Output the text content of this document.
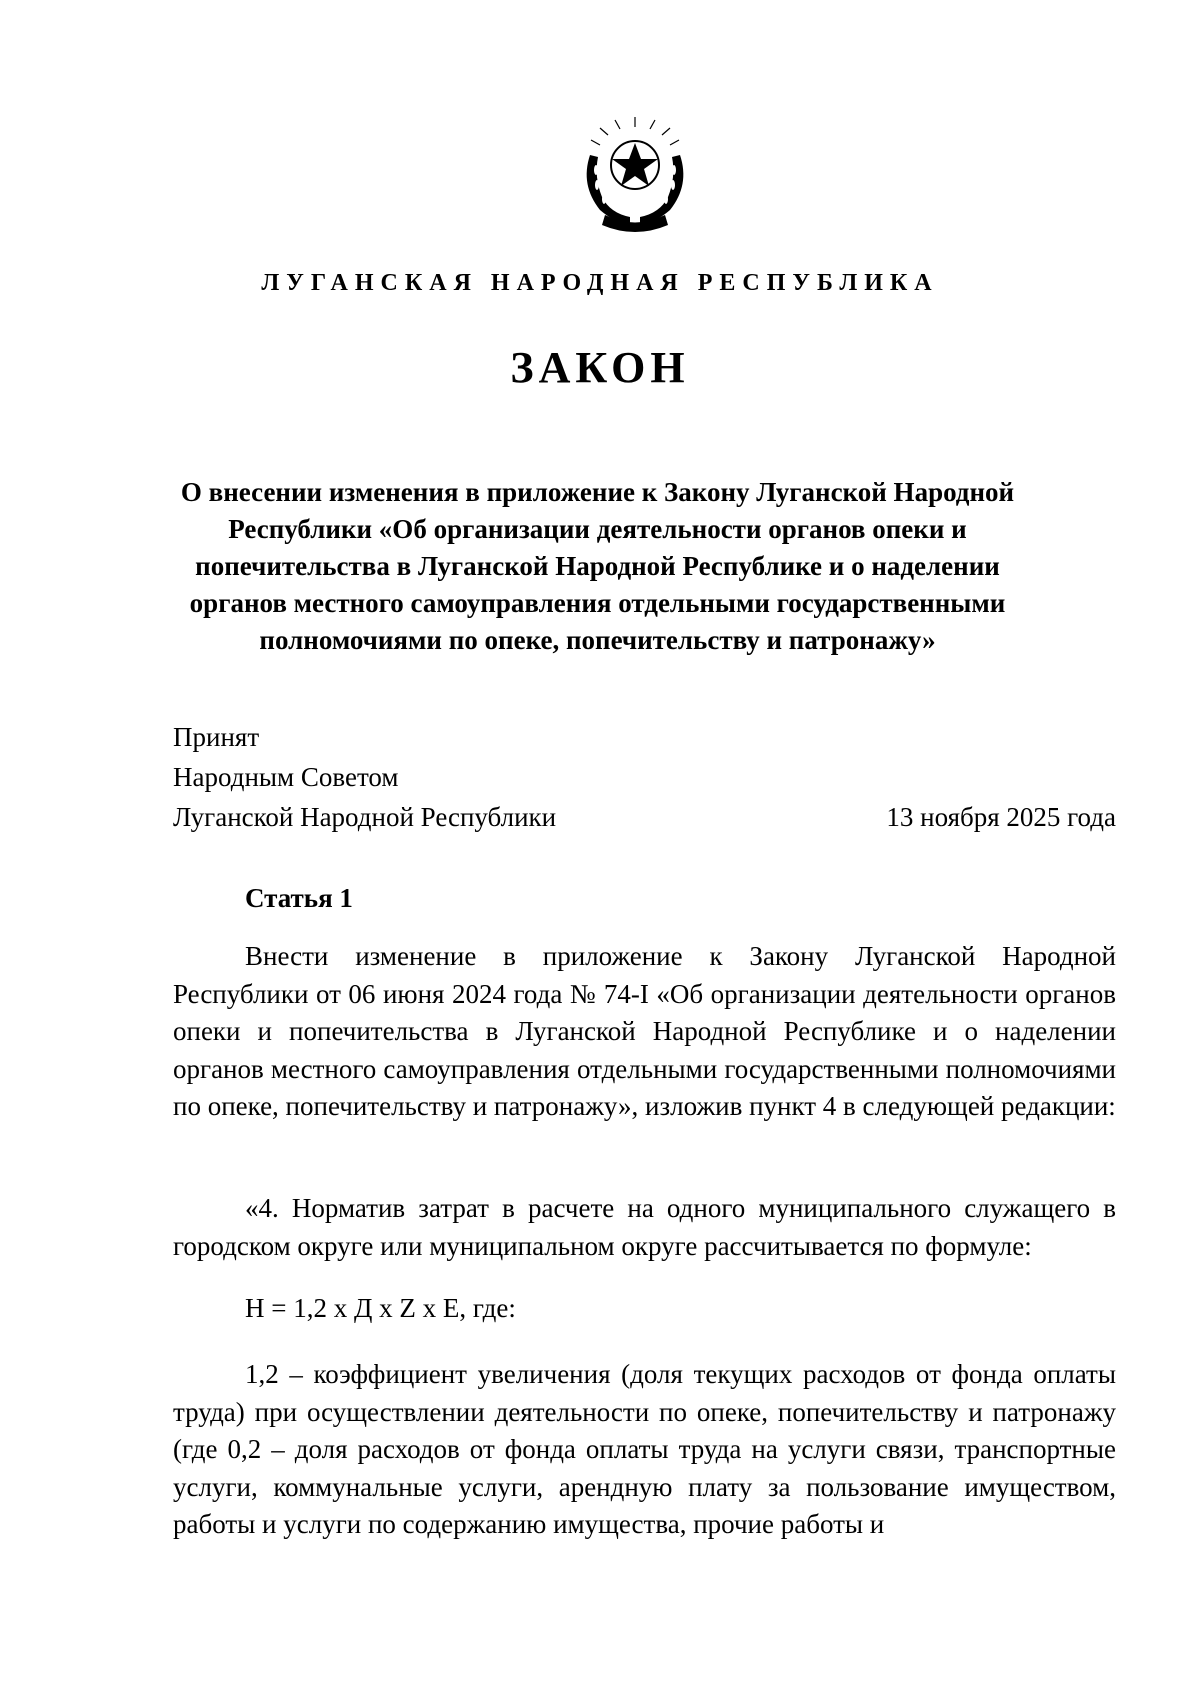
ЛУГАНСКАЯ НАРОДНАЯ РЕСПУБЛИКА
ЗАКОН
О внесении изменения в приложение к Закону Луганской Народной Республики «Об организации деятельности органов опеки и попечительства в Луганской Народной Республике и о наделении органов местного самоуправления отдельными государственными полномочиями по опеке, попечительству и патронажу»
Принят
Народным Советом
Луганской Народной Республики	13 ноября 2025 года
Статья 1

Внести изменение в приложение к Закону Луганской Народной Республики от 06 июня 2024 года № 74-I «Об организации деятельности органов опеки и попечительства в Луганской Народной Республике и о наделении органов местного самоуправления отдельными государственными полномочиями по опеке, попечительству и патронажу», изложив пункт 4 в следующей редакции:

«4. Норматив затрат в расчете на одного муниципального служащего в городском округе или муниципальном округе рассчитывается по формуле:

Н = 1,2 х Д х Z х Е, где:

1,2 – коэффициент увеличения (доля текущих расходов от фонда оплаты труда) при осуществлении деятельности по опеке, попечительству и патронажу (где 0,2 – доля расходов от фонда оплаты труда на услуги связи, транспортные услуги, коммунальные услуги, арендную плату за пользование имуществом, работы и услуги по содержанию имущества, прочие работы и
